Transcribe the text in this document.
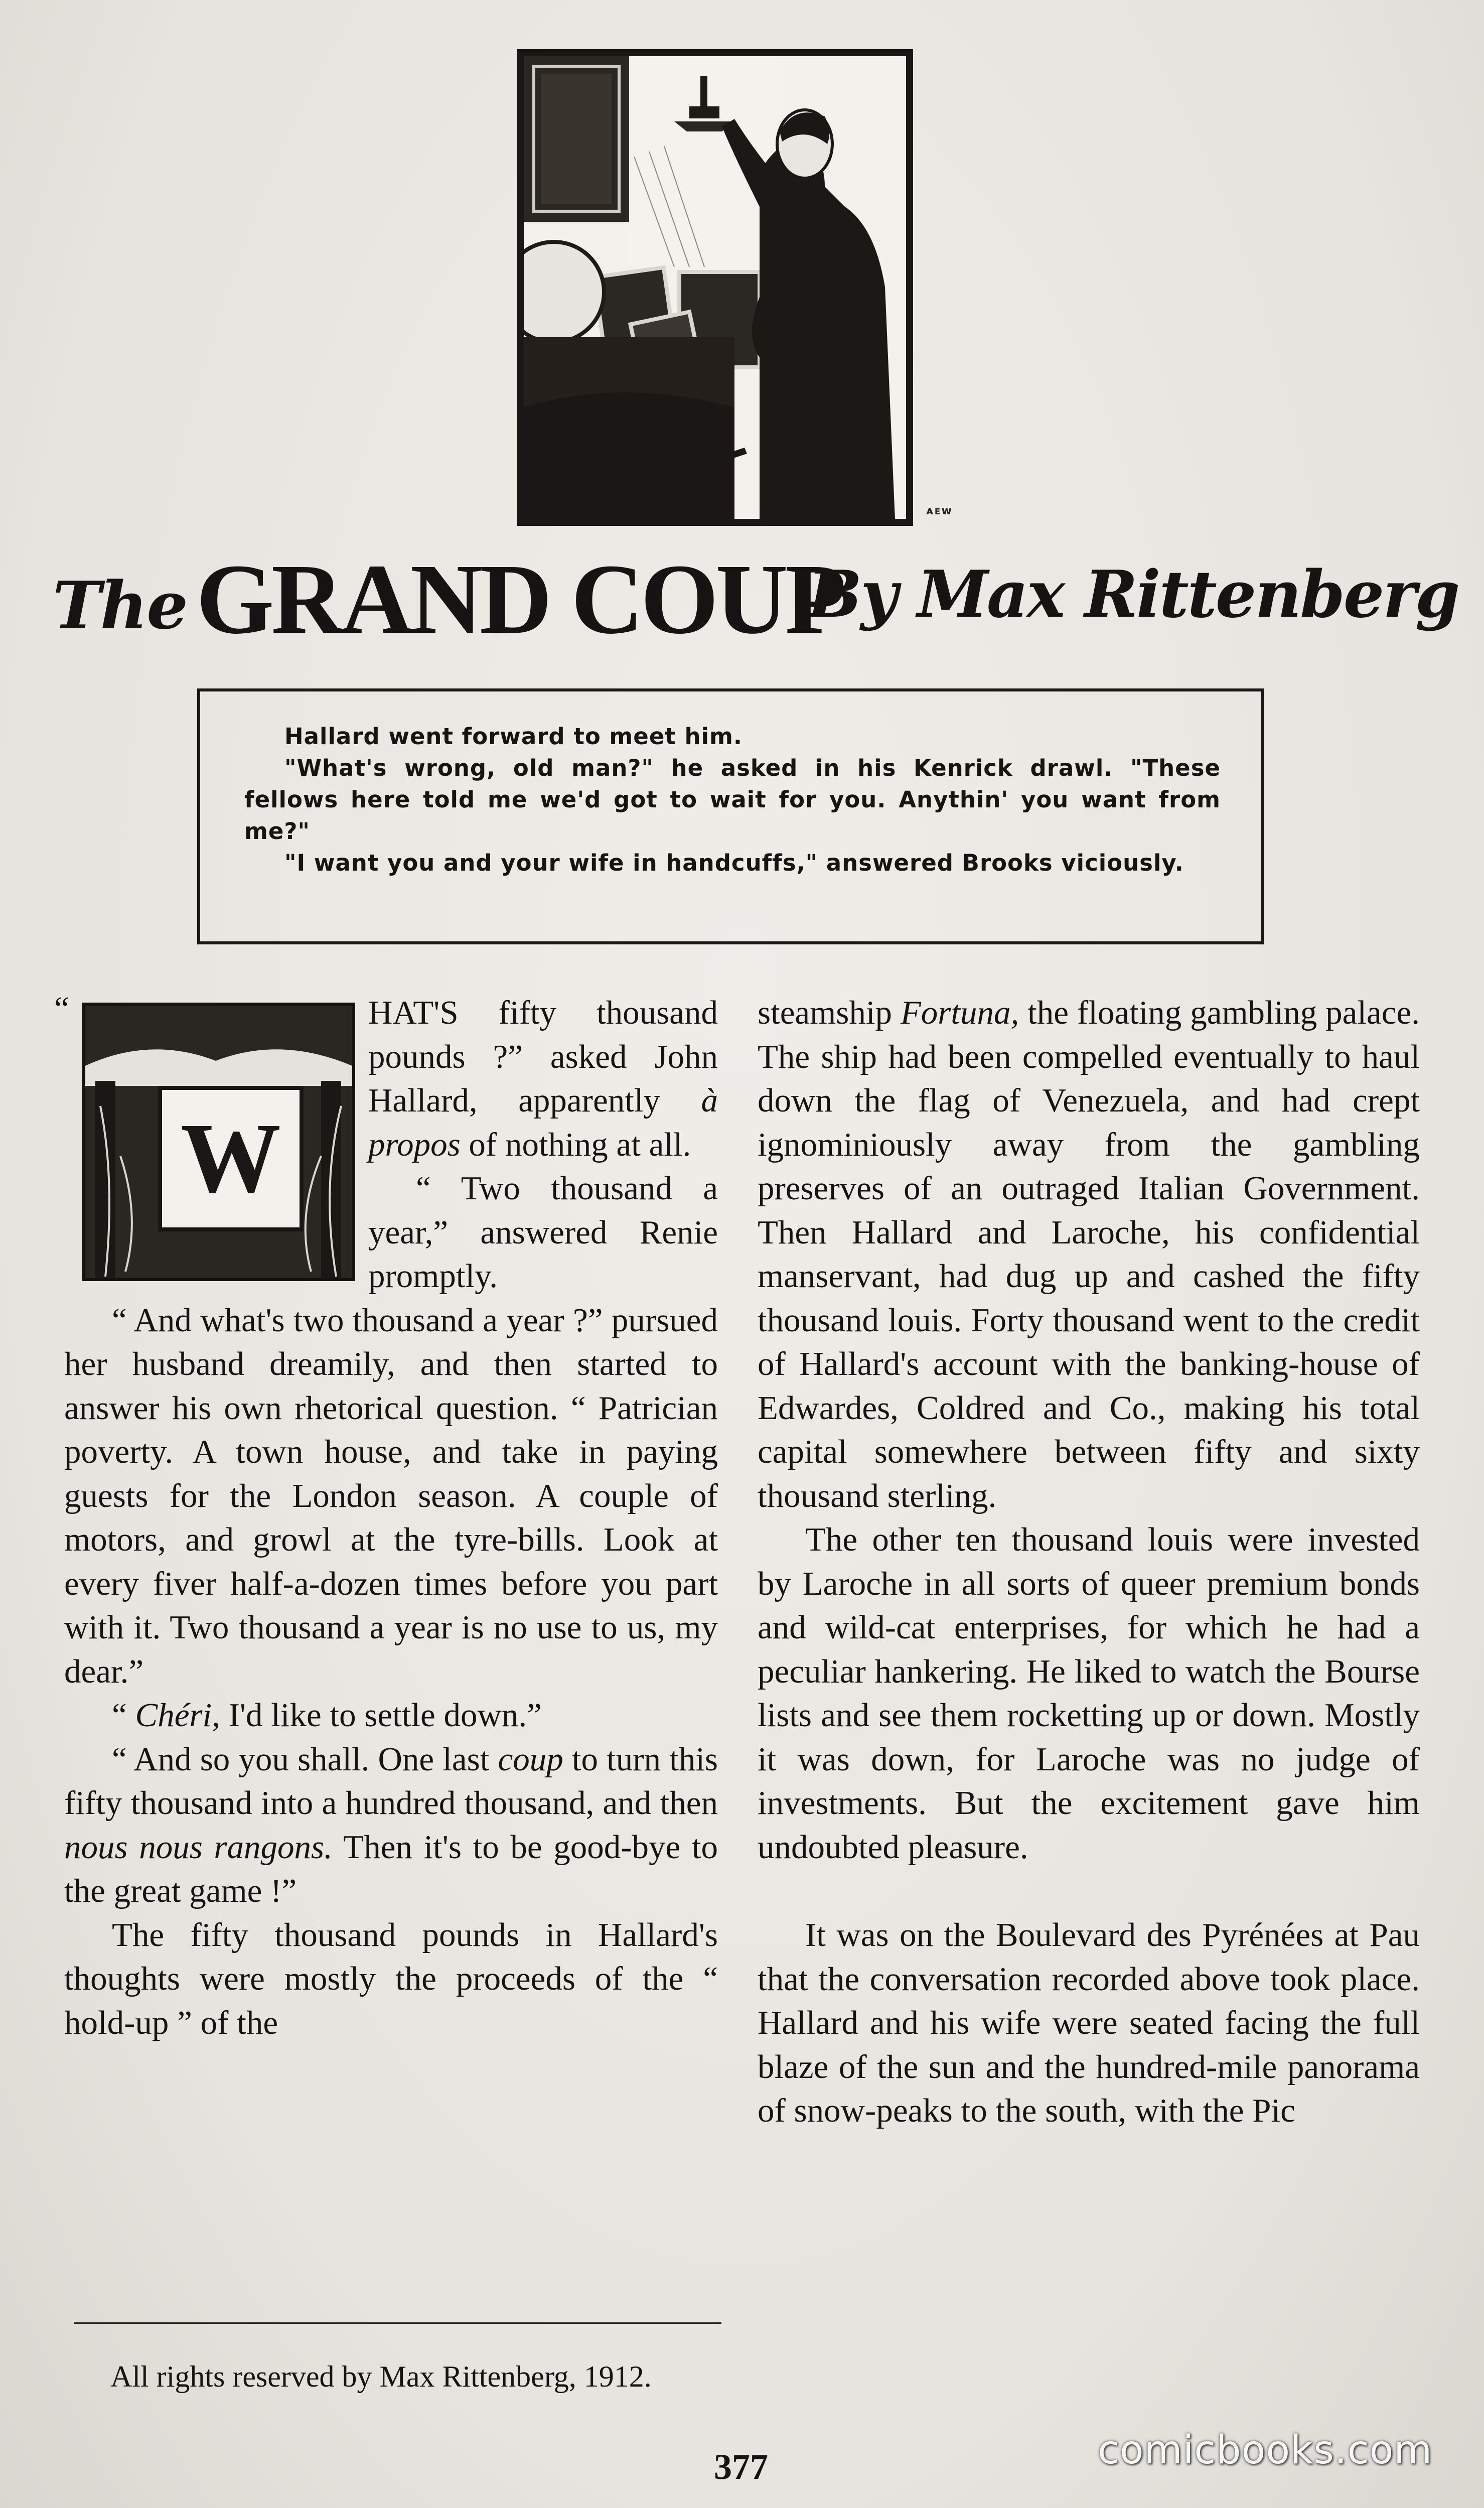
ᴀᴇᴡ
The GRAND COUP
By Max Rittenberg

Hallard went forward to meet him.

"What's wrong, old man?" he asked in his Kenrick drawl. "These fellows here told me we'd got to wait for you. Anythin' you want from me?"

"I want you and your wife in handcuffs," answered Brooks viciously.

“
W

HAT'S fifty thousand pounds ?” asked John Hallard, apparently à propos of nothing at all.

“ Two thousand a year,” answered Renie promptly.

“ And what's two thousand a year ?” pursued her husband dreamily, and then started to answer his own rhetorical question. “ Patrician poverty. A town house, and take in paying guests for the London season. A couple of motors, and growl at the tyre-bills. Look at every fiver half-a-dozen times before you part with it. Two thousand a year is no use to us, my dear.”

“ Chéri, I'd like to settle down.”

“ And so you shall. One last coup to turn this fifty thousand into a hundred thousand, and then nous nous rangons. Then it's to be good-bye to the great game !”

The fifty thousand pounds in Hallard's thoughts were mostly the proceeds of the “ hold-up ” of the

steamship Fortuna, the floating gambling palace. The ship had been compelled eventually to haul down the flag of Venezuela, and had crept ignominiously away from the gambling preserves of an outraged Italian Government. Then Hallard and Laroche, his confidential manservant, had dug up and cashed the fifty thousand louis. Forty thousand went to the credit of Hallard's account with the banking-house of Edwardes, Coldred and Co., making his total capital somewhere between fifty and sixty thousand sterling.

The other ten thousand louis were invested by Laroche in all sorts of queer premium bonds and wild-cat enterprises, for which he had a peculiar hankering. He liked to watch the Bourse lists and see them rocketting up or down. Mostly it was down, for Laroche was no judge of investments. But the excitement gave him undoubted pleasure.

It was on the Boulevard des Pyrénées at Pau that the conversation recorded above took place. Hallard and his wife were seated facing the full blaze of the sun and the hundred-mile panorama of snow-peaks to the south, with the Pic

All rights reserved by Max Rittenberg, 1912.

377	comicbooks.com
